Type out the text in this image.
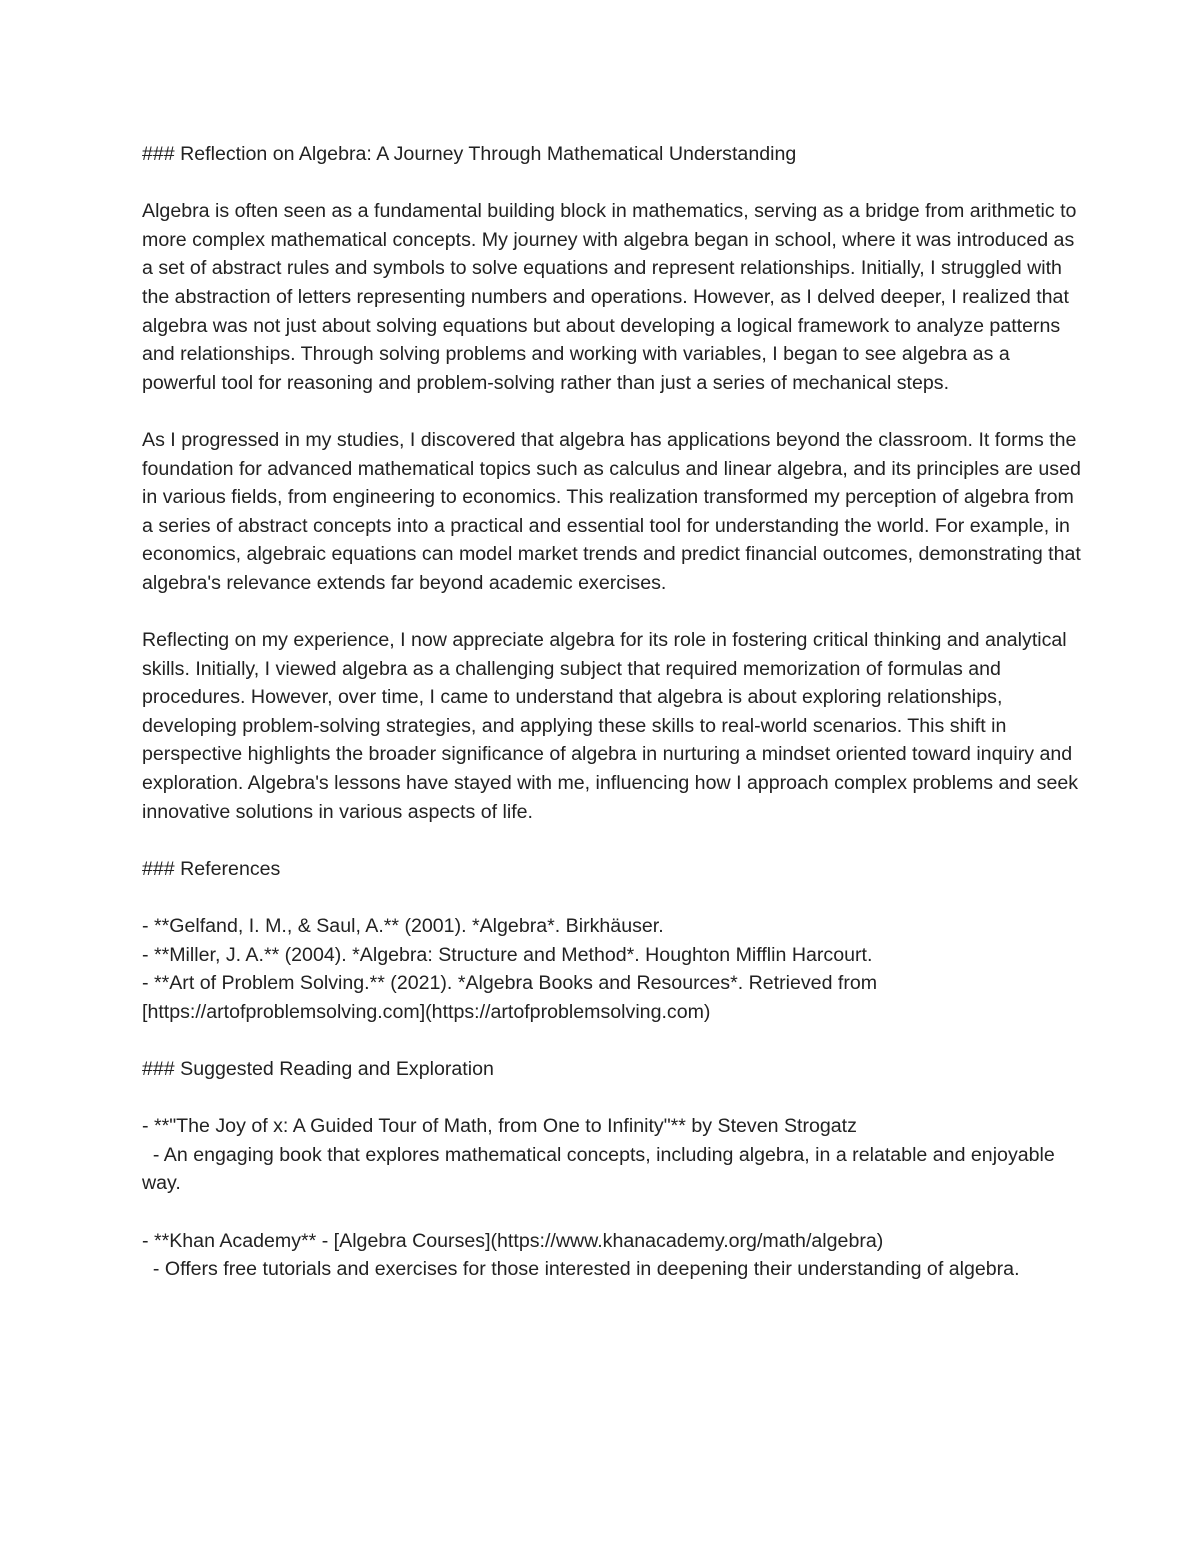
### Reflection on Algebra: A Journey Through Mathematical Understanding

Algebra is often seen as a fundamental building block in mathematics, serving as a bridge from arithmetic to more complex mathematical concepts. My journey with algebra began in school, where it was introduced as a set of abstract rules and symbols to solve equations and represent relationships. Initially, I struggled with the abstraction of letters representing numbers and operations. However, as I delved deeper, I realized that algebra was not just about solving equations but about developing a logical framework to analyze patterns and relationships. Through solving problems and working with variables, I began to see algebra as a powerful tool for reasoning and problem-solving rather than just a series of mechanical steps.

As I progressed in my studies, I discovered that algebra has applications beyond the classroom. It forms the foundation for advanced mathematical topics such as calculus and linear algebra, and its principles are used in various fields, from engineering to economics. This realization transformed my perception of algebra from a series of abstract concepts into a practical and essential tool for understanding the world. For example, in economics, algebraic equations can model market trends and predict financial outcomes, demonstrating that algebra's relevance extends far beyond academic exercises.

Reflecting on my experience, I now appreciate algebra for its role in fostering critical thinking and analytical skills. Initially, I viewed algebra as a challenging subject that required memorization of formulas and procedures. However, over time, I came to understand that algebra is about exploring relationships, developing problem-solving strategies, and applying these skills to real-world scenarios. This shift in perspective highlights the broader significance of algebra in nurturing a mindset oriented toward inquiry and exploration. Algebra's lessons have stayed with me, influencing how I approach complex problems and seek innovative solutions in various aspects of life.

### References

- **Gelfand, I. M., & Saul, A.** (2001). *Algebra*. Birkhäuser.

- **Miller, J. A.** (2004). *Algebra: Structure and Method*. Houghton Mifflin Harcourt.

- **Art of Problem Solving.** (2021). *Algebra Books and Resources*. Retrieved from [https://artofproblemsolving.com](https://artofproblemsolving.com)

### Suggested Reading and Exploration

- **"The Joy of x: A Guided Tour of Math, from One to Infinity"** by Steven Strogatz

- An engaging book that explores mathematical concepts, including algebra, in a relatable and enjoyable way.

- **Khan Academy** - [Algebra Courses](https://www.khanacademy.org/math/algebra)

- Offers free tutorials and exercises for those interested in deepening their understanding of algebra.
